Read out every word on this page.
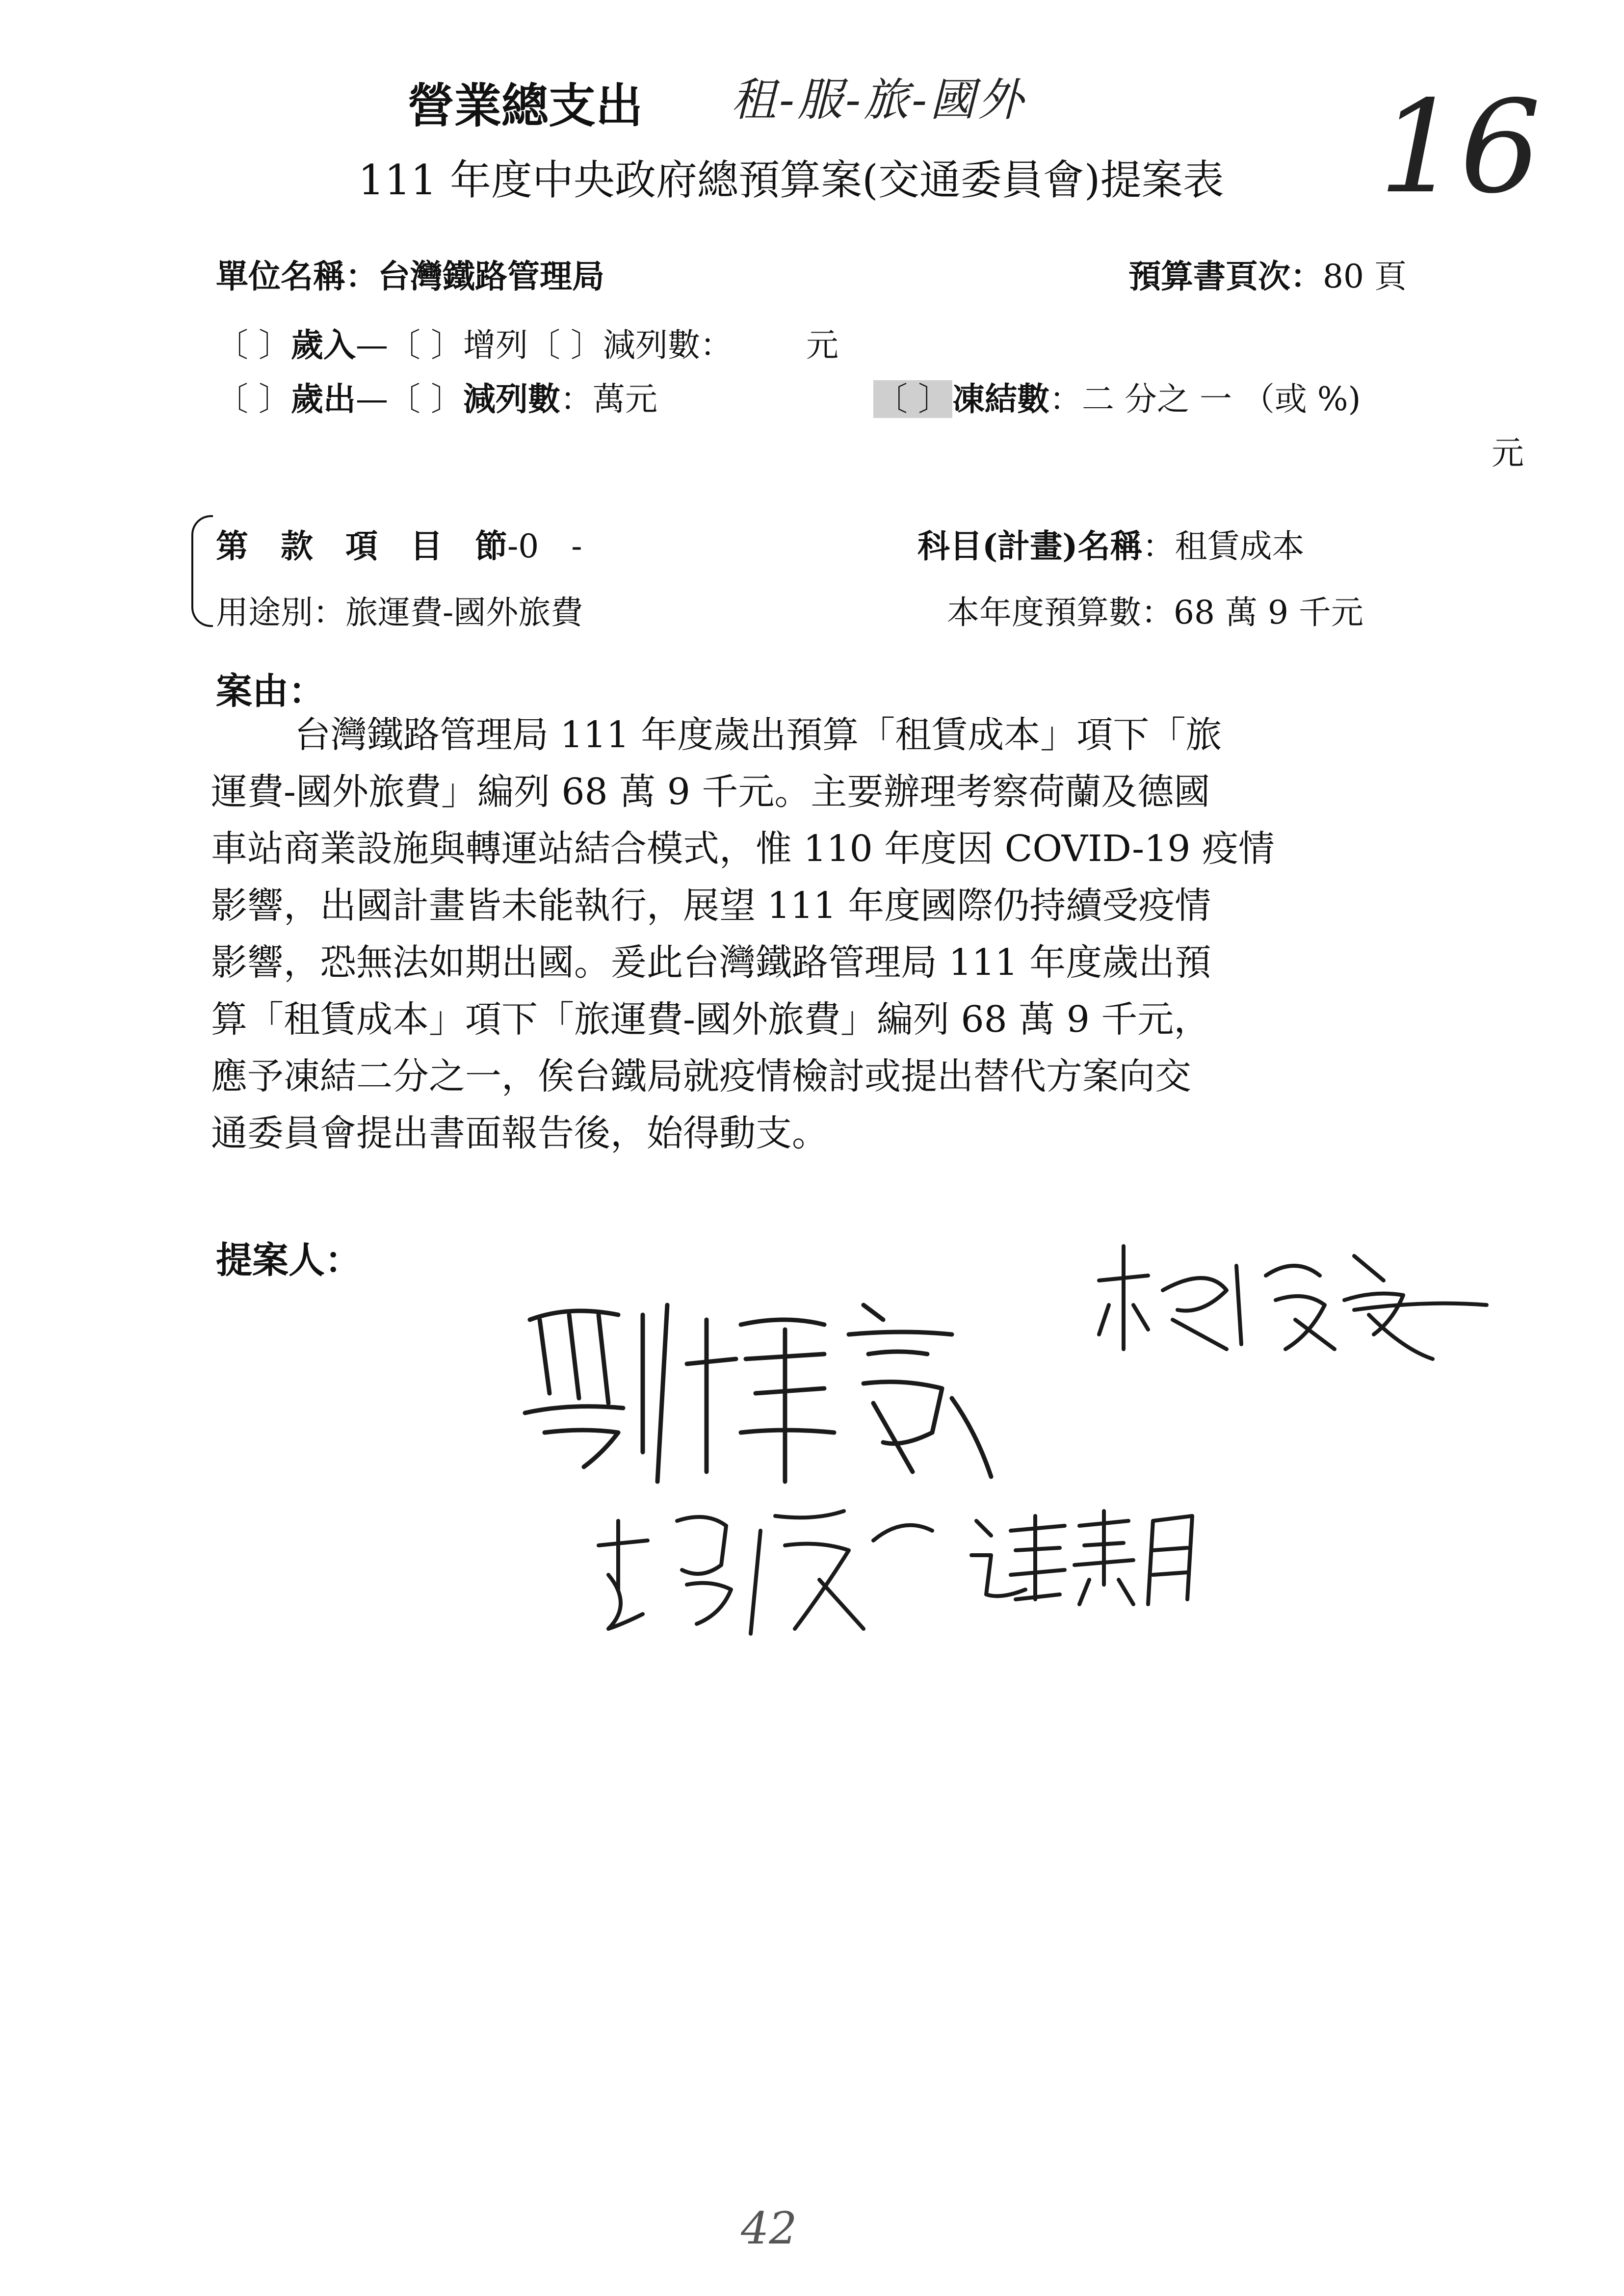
營業總支出 租-服-旅-國外
111 年度中央政府總預算案(交通委員會)提案表 16
單位名稱：台灣鐵路管理局	預算書頁次：80 頁
〔 〕歲入—〔 〕增列〔 〕減列數： 元
〔 〕歲出—〔 〕減列數：萬元	〔 〕凍結數：二 分之 一 （或 %)
元
第　款　項　目　節-0　-	科目(計畫)名稱：租賃成本
用途別：旅運費-國外旅費	本年度預算數：68 萬 9 千元
案由：
台灣鐵路管理局 111 年度歲出預算「租賃成本」項下「旅
運費-國外旅費」編列 68 萬 9 千元。主要辦理考察荷蘭及德國
車站商業設施與轉運站結合模式，惟 110 年度因 COVID-19 疫情
影響，出國計畫皆未能執行，展望 111 年度國際仍持續受疫情
影響，恐無法如期出國。爰此台灣鐵路管理局 111 年度歲出預
算「租賃成本」項下「旅運費-國外旅費」編列 68 萬 9 千元，
應予凍結二分之一，俟台鐵局就疫情檢討或提出替代方案向交
通委員會提出書面報告後，始得動支。
提案人：
42
